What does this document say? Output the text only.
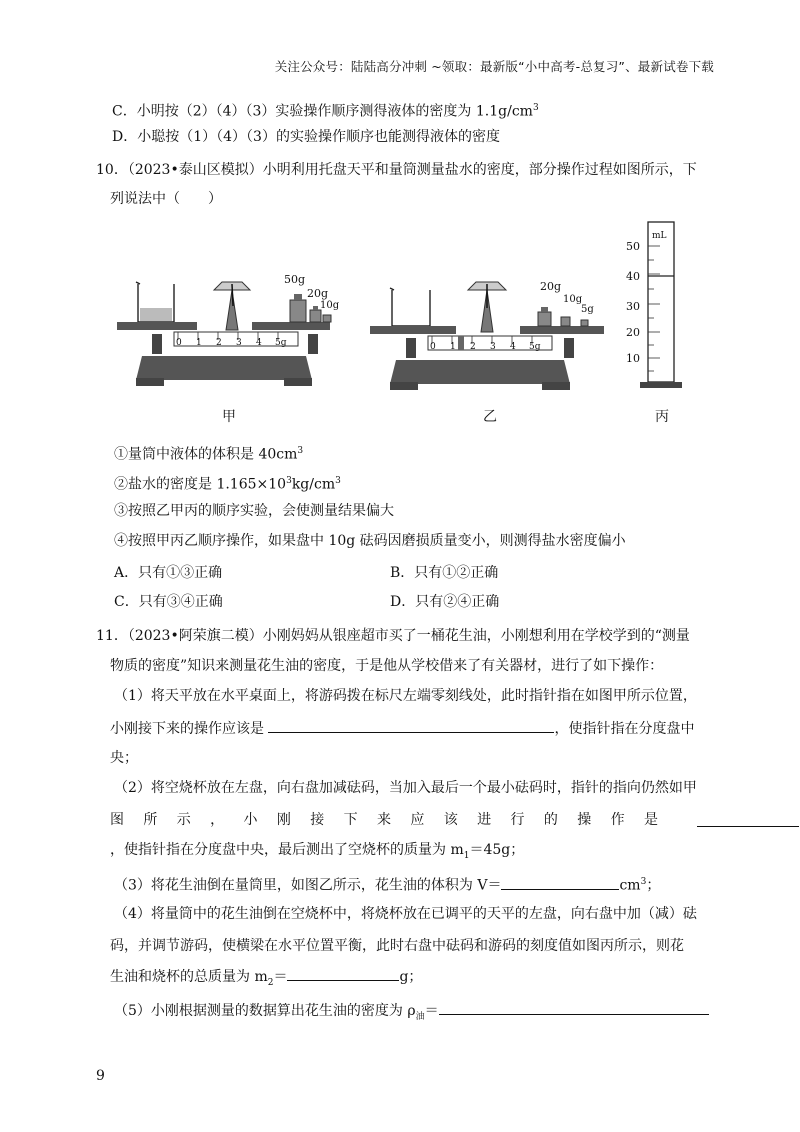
关注公众号：陆陆高分冲刺 ~领取：最新版“小中高考-总复习”、最新试卷下载
C．小明按（2）（4）（3）实验操作顺序测得液体的密度为 $1.1g/cm^3$
D．小聪按（1）（4）（3）的实验操作顺序也能测得液体的密度
10．（2023•泰山区模拟）小明利用托盘天平和量筒测量盐水的密度，部分操作过程如图所示，下
列说法中（　　）
50g
20g
10g
0 1 2 3 4 5g
20g
10g
5g
0 1 2 3 4 5g
50
40
30
20
10
mL
甲	乙	丙
①量筒中液体的体积是 $40cm^3$
②盐水的密度是 $1.165\times 10^3kg/cm^3$
③按照乙甲丙的顺序实验，会使测量结果偏大
④按照甲丙乙顺序操作，如果盘中 10g 砝码因磨损质量变小，则测得盐水密度偏小
A．只有①③正确	B．只有①②正确
C．只有③④正确	D．只有②④正确
11．（2023•阿荣旗二模）小刚妈妈从银座超市买了一桶花生油，小刚想利用在学校学到的“测量
物质的密度”知识来测量花生油的密度，于是他从学校借来了有关器材，进行了如下操作：
（1）将天平放在水平桌面上，将游码拨在标尺左端零刻线处，此时指针指在如图甲所示位置，
小刚接下来的操作应该是	，使指针指在分度盘中
央；
（2）将空烧杯放在左盘，向右盘加减砝码，当加入最后一个最小砝码时，指针的指向仍然如甲
图 所 示 ， 小 刚 接 下 来 应 该 进 行 的 操 作 是
，使指针指在分度盘中央，最后测出了空烧杯的质量为 $m_1=45g$；
（3）将花生油倒在量筒里，如图乙所示，花生油的体积为 V＝	$cm^3$；
（4）将量筒中的花生油倒在空烧杯中，将烧杯放在已调平的天平的左盘，向右盘中加（减）砝
码，并调节游码，使横梁在水平位置平衡，此时右盘中砝码和游码的刻度值如图丙所示，则花
生油和烧杯的总质量为 $m_2=$	g；
（5）小刚根据测量的数据算出花生油的密度为 $\rho_油=$
9
